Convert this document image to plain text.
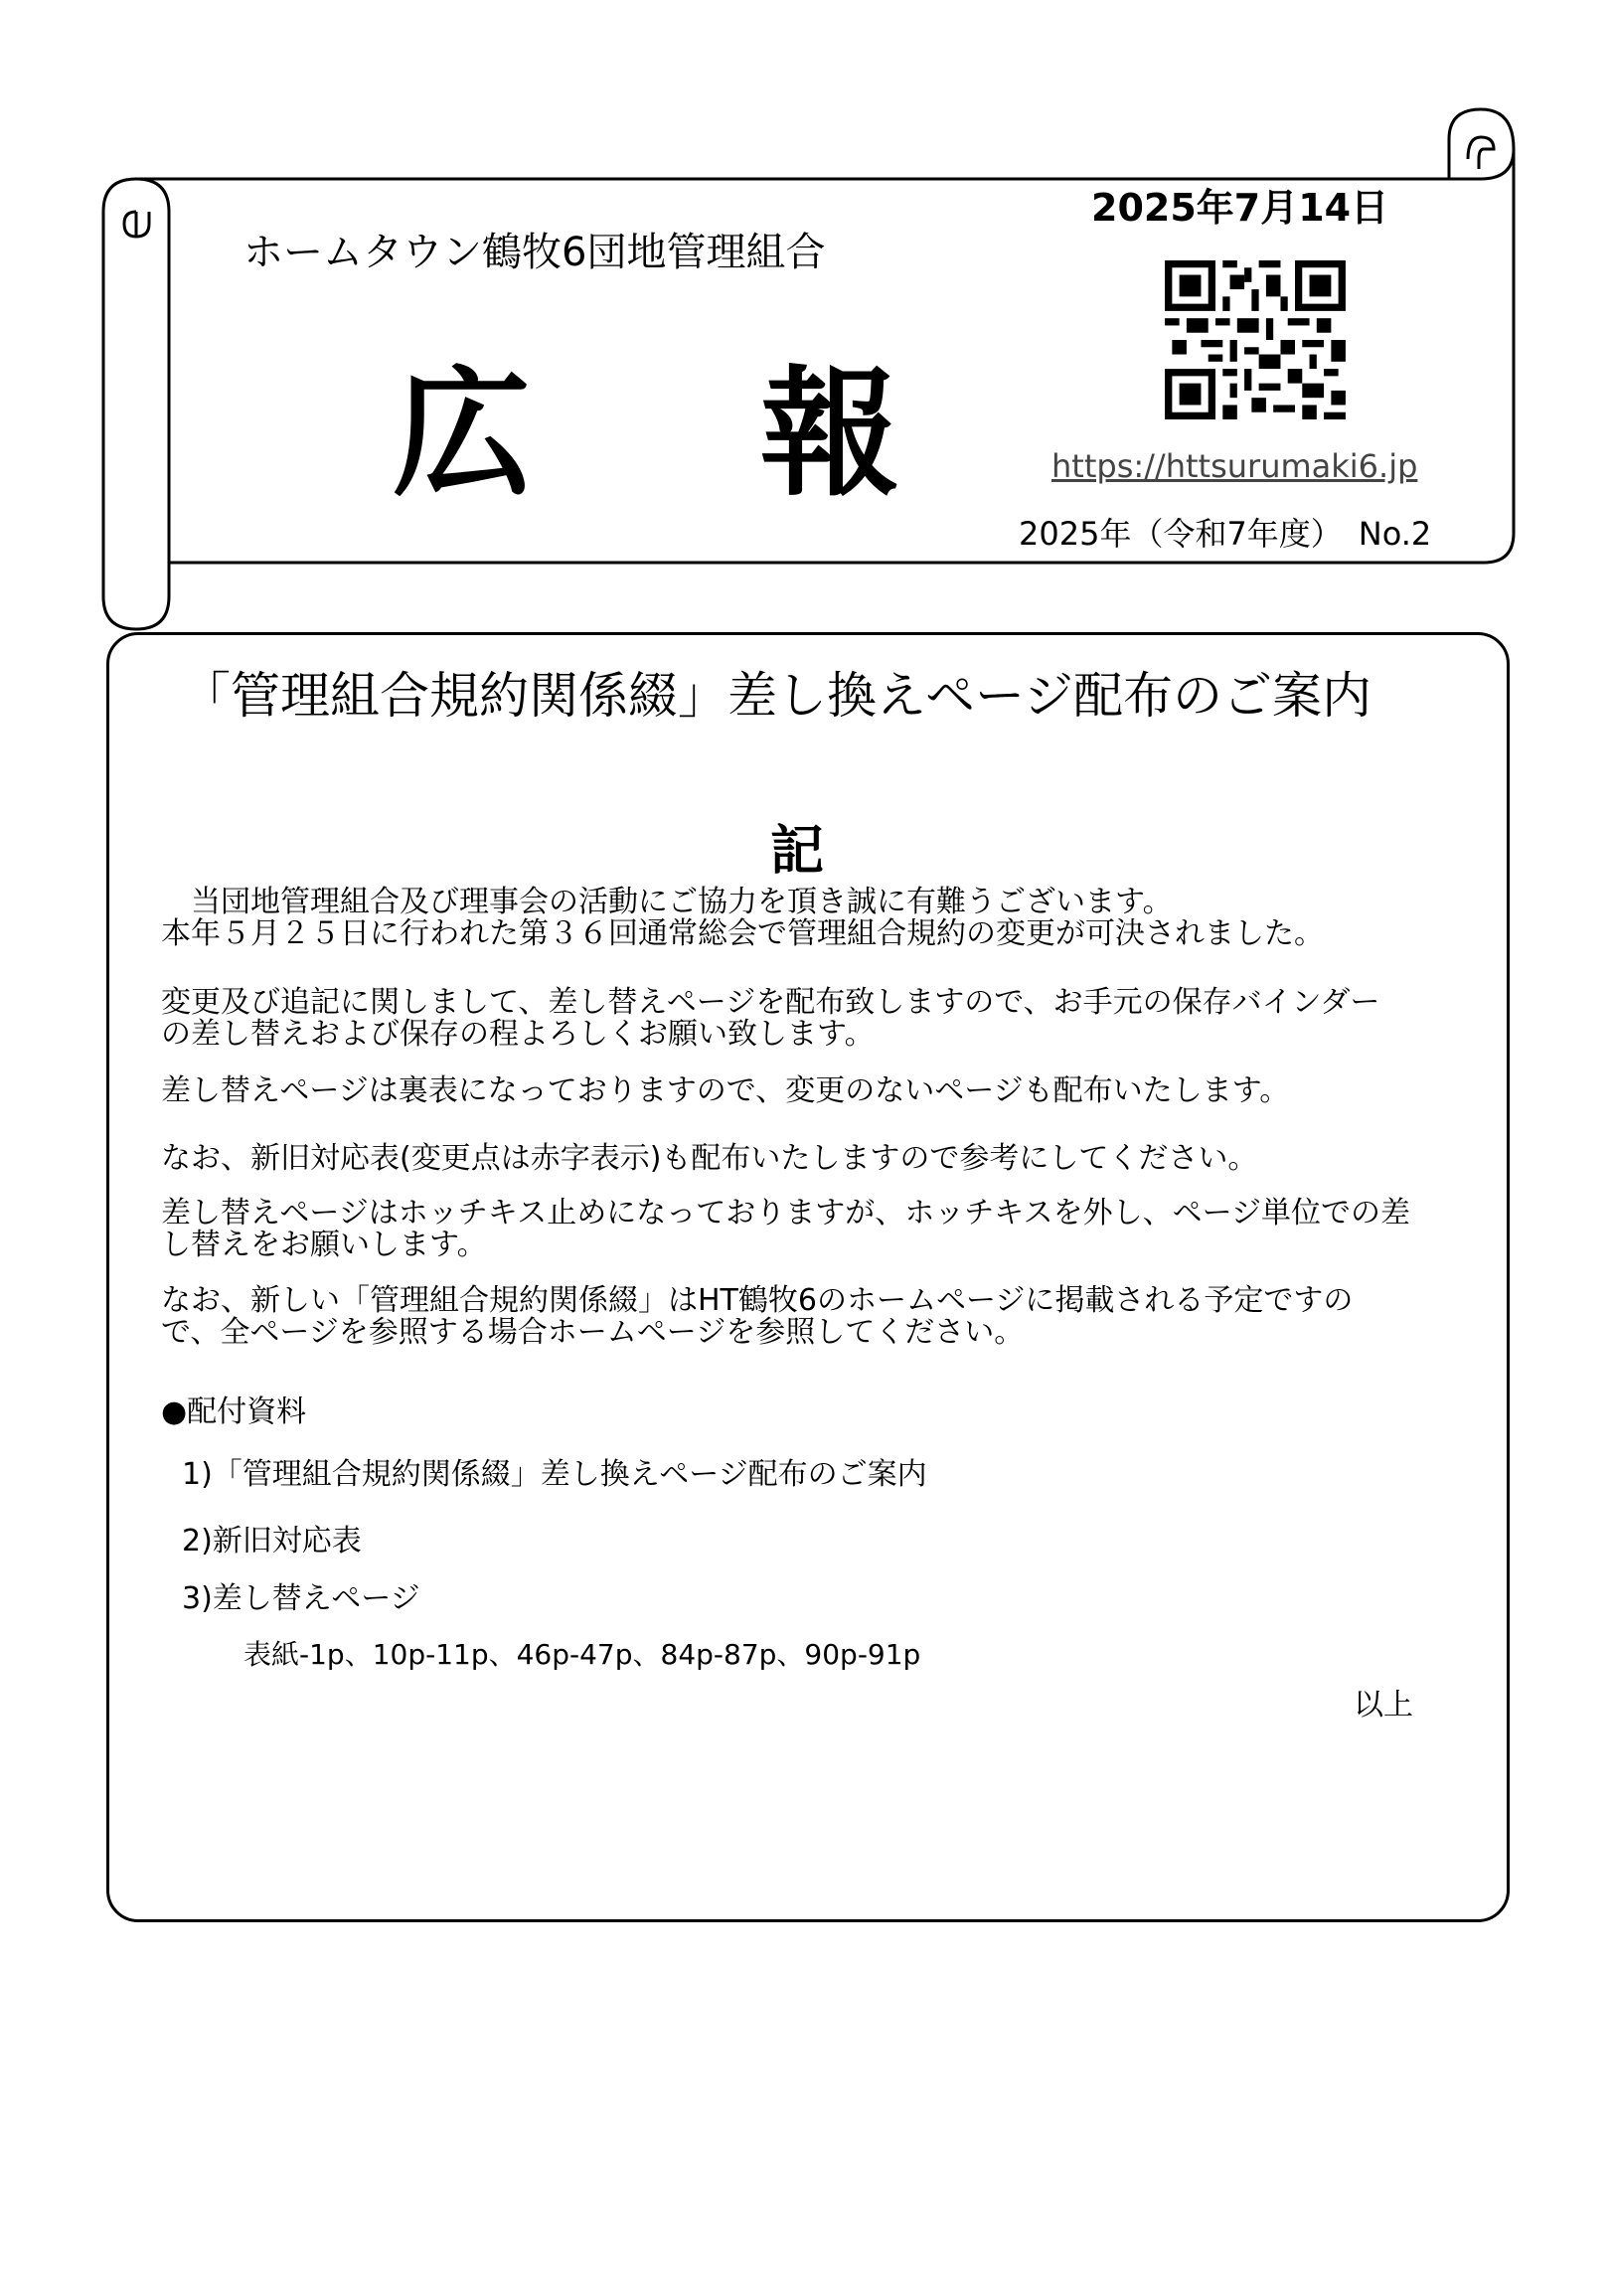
ホームタウン鶴牧6団地管理組合
2025年7月14日
広報
https://httsurumaki6.jp
2025年（令和7年度）　No.2
「管理組合規約関係綴」差し換えページ配布のご案内
記
　当団地管理組合及び理事会の活動にご協力を頂き誠に有難うございます。
本年５月２５日に行われた第３６回通常総会で管理組合規約の変更が可決されました。
変更及び追記に関しまして、差し替えページを配布致しますので、お手元の保存バインダー
の差し替えおよび保存の程よろしくお願い致します。
差し替えページは裏表になっておりますので、変更のないページも配布いたします。
なお、新旧対応表(変更点は赤字表示)も配布いたしますので参考にしてください。
差し替えページはホッチキス止めになっておりますが、ホッチキスを外し、ページ単位での差
し替えをお願いします。
なお、新しい「管理組合規約関係綴」はHT鶴牧6のホームページに掲載される予定ですの
で、全ページを参照する場合ホームページを参照してください。
●配付資料
1)「管理組合規約関係綴」差し換えページ配布のご案内
2)新旧対応表
3)差し替えページ
表紙-1p、10p-11p、46p-47p、84p-87p、90p-91p
以上
